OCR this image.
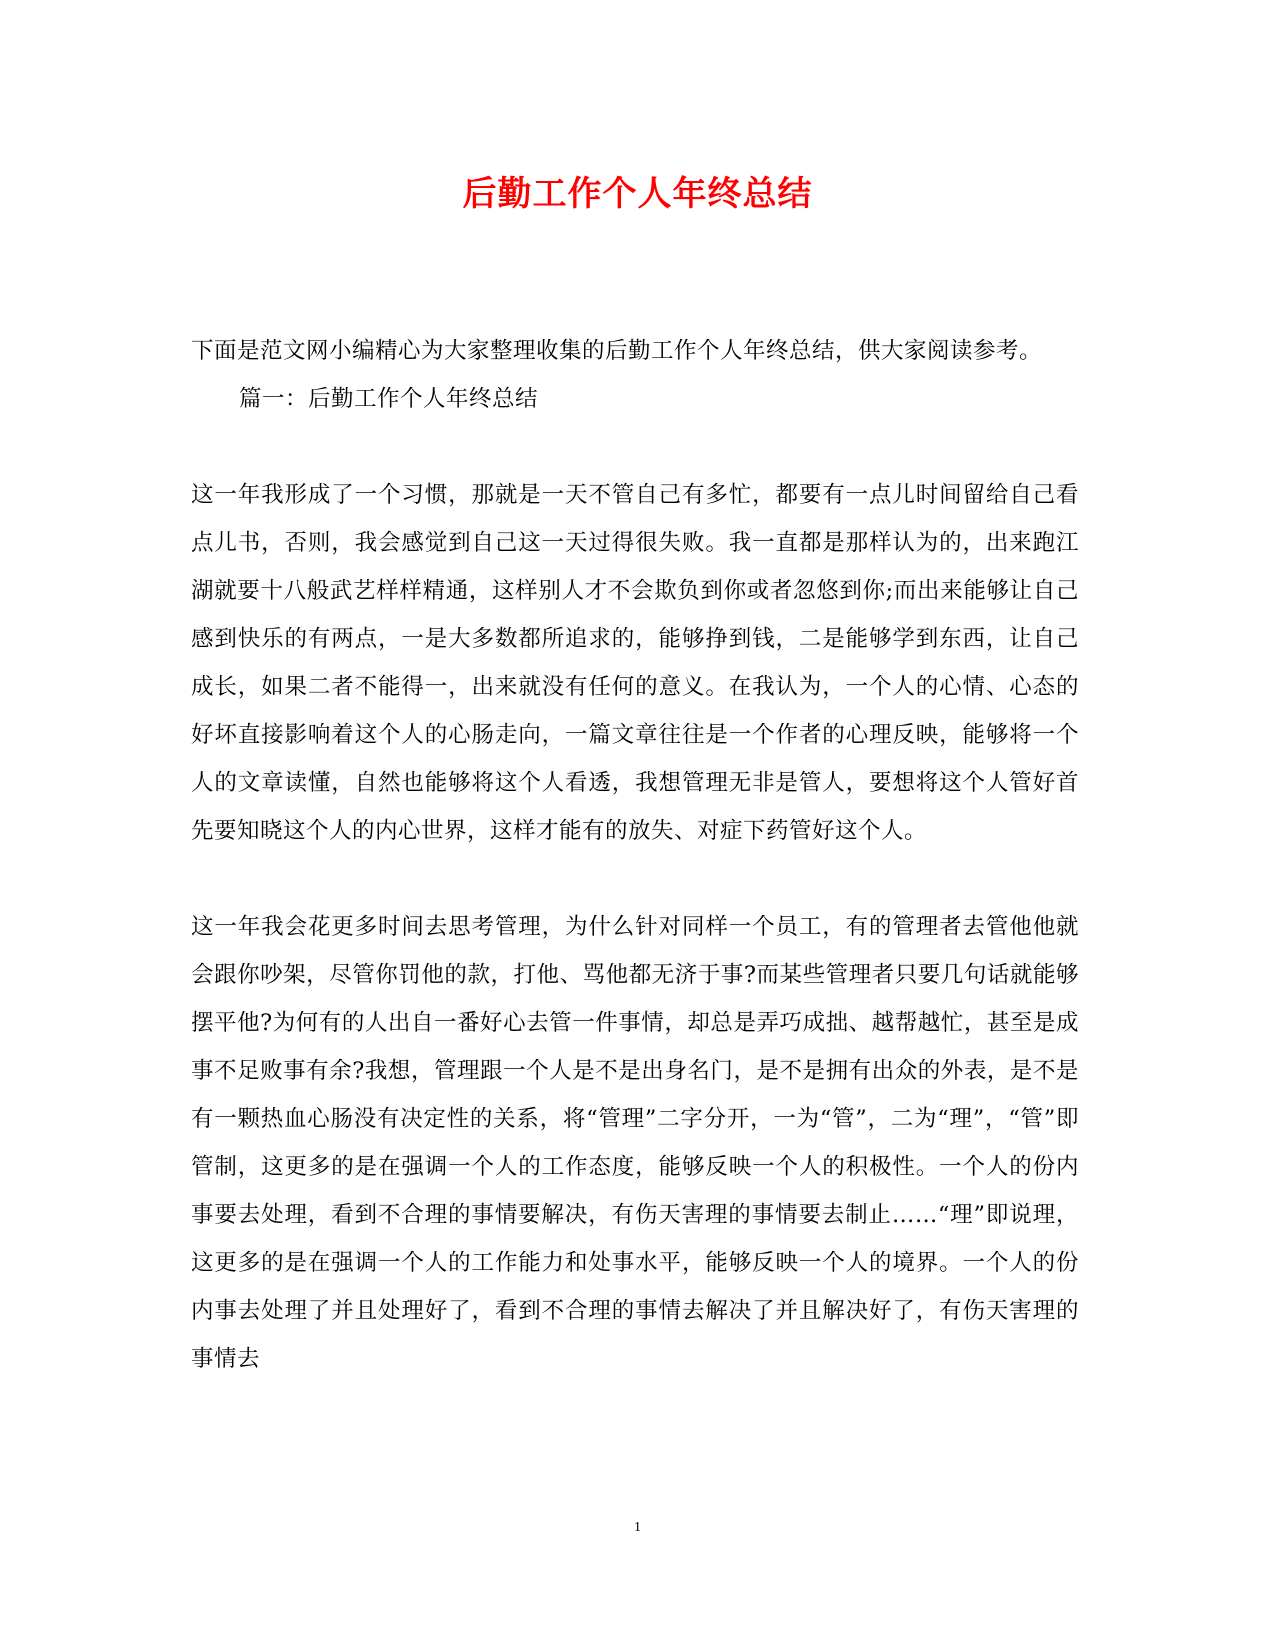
后勤工作个人年终总结

下面是范文网小编精心为大家整理收集的后勤工作个人年终总结，供大家阅读参考。

篇一：后勤工作个人年终总结

这一年我形成了一个习惯，那就是一天不管自己有多忙，都要有一点儿时间留给自己看点儿书，否则，我会感觉到自己这一天过得很失败。我一直都是那样认为的，出来跑江湖就要十八般武艺样样精通，这样别人才不会欺负到你或者忽悠到你;而出来能够让自己感到快乐的有两点，一是大多数都所追求的，能够挣到钱，二是能够学到东西，让自己成长，如果二者不能得一，出来就没有任何的意义。在我认为，一个人的心情、心态的好坏直接影响着这个人的心肠走向，一篇文章往往是一个作者的心理反映，能够将一个人的文章读懂，自然也能够将这个人看透，我想管理无非是管人，要想将这个人管好首先要知晓这个人的内心世界，这样才能有的放失、对症下药管好这个人。

这一年我会花更多时间去思考管理，为什么针对同样一个员工，有的管理者去管他他就会跟你吵架，尽管你罚他的款，打他、骂他都无济于事?而某些管理者只要几句话就能够摆平他?为何有的人出自一番好心去管一件事情，却总是弄巧成拙、越帮越忙，甚至是成事不足败事有余?我想，管理跟一个人是不是出身名门，是不是拥有出众的外表，是不是有一颗热血心肠没有决定性的关系，将“管理”二字分开，一为“管”，二为“理”，“管”即管制，这更多的是在强调一个人的工作态度，能够反映一个人的积极性。一个人的份内事要去处理，看到不合理的事情要解决，有伤天害理的事情要去制止……“理”即说理，这更多的是在强调一个人的工作能力和处事水平，能够反映一个人的境界。一个人的份内事去处理了并且处理好了，看到不合理的事情去解决了并且解决好了，有伤天害理的事情去

1
